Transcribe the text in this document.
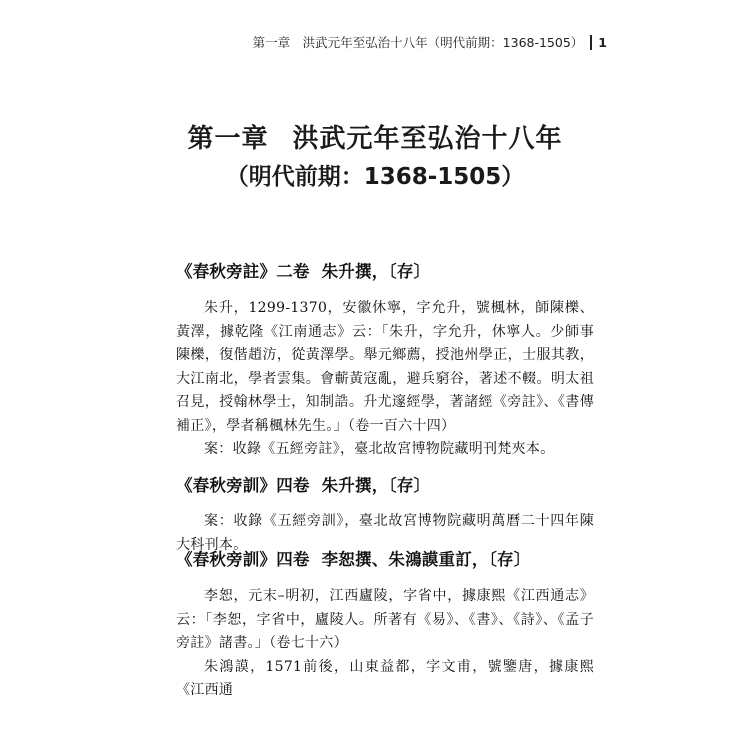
第一章　洪武元年至弘治十八年（明代前期：1368-1505） 1
第一章 洪武元年至弘治十八年
（明代前期：1368-1505）

《春秋旁註》二卷 朱升撰，〔存〕

朱升，1299-1370，安徽休寧，字允升，號楓林，師陳櫟、黃澤，據乾隆《江南通志》云：「朱升，字允升，休寧人。少師事陳櫟，復偕趙汸，從黃澤學。舉元鄉薦，授池州學正，士服其教，大江南北，學者雲集。會蘄黃寇亂，避兵窮谷，著述不輟。明太祖召見，授翰林學士，知制誥。升尤邃經學，著諸經《旁註》、《書傳補正》，學者稱楓林先生。」（卷一百六十四）

案：收錄《五經旁註》，臺北故宮博物院藏明刊梵夾本。

《春秋旁訓》四卷 朱升撰，〔存〕

案：收錄《五經旁訓》，臺北故宮博物院藏明萬曆二十四年陳大科刊本。

《春秋旁訓》四卷 李恕撰、朱鴻謨重訂，〔存〕

李恕，元末–明初，江西廬陵，字省中，據康熙《江西通志》云：「李恕，字省中，廬陵人。所著有《易》、《書》、《詩》、《孟子旁註》諸書。」（卷七十六）

朱鴻謨，1571前後，山東益都，字文甫，號鑒唐，據康熙《江西通
